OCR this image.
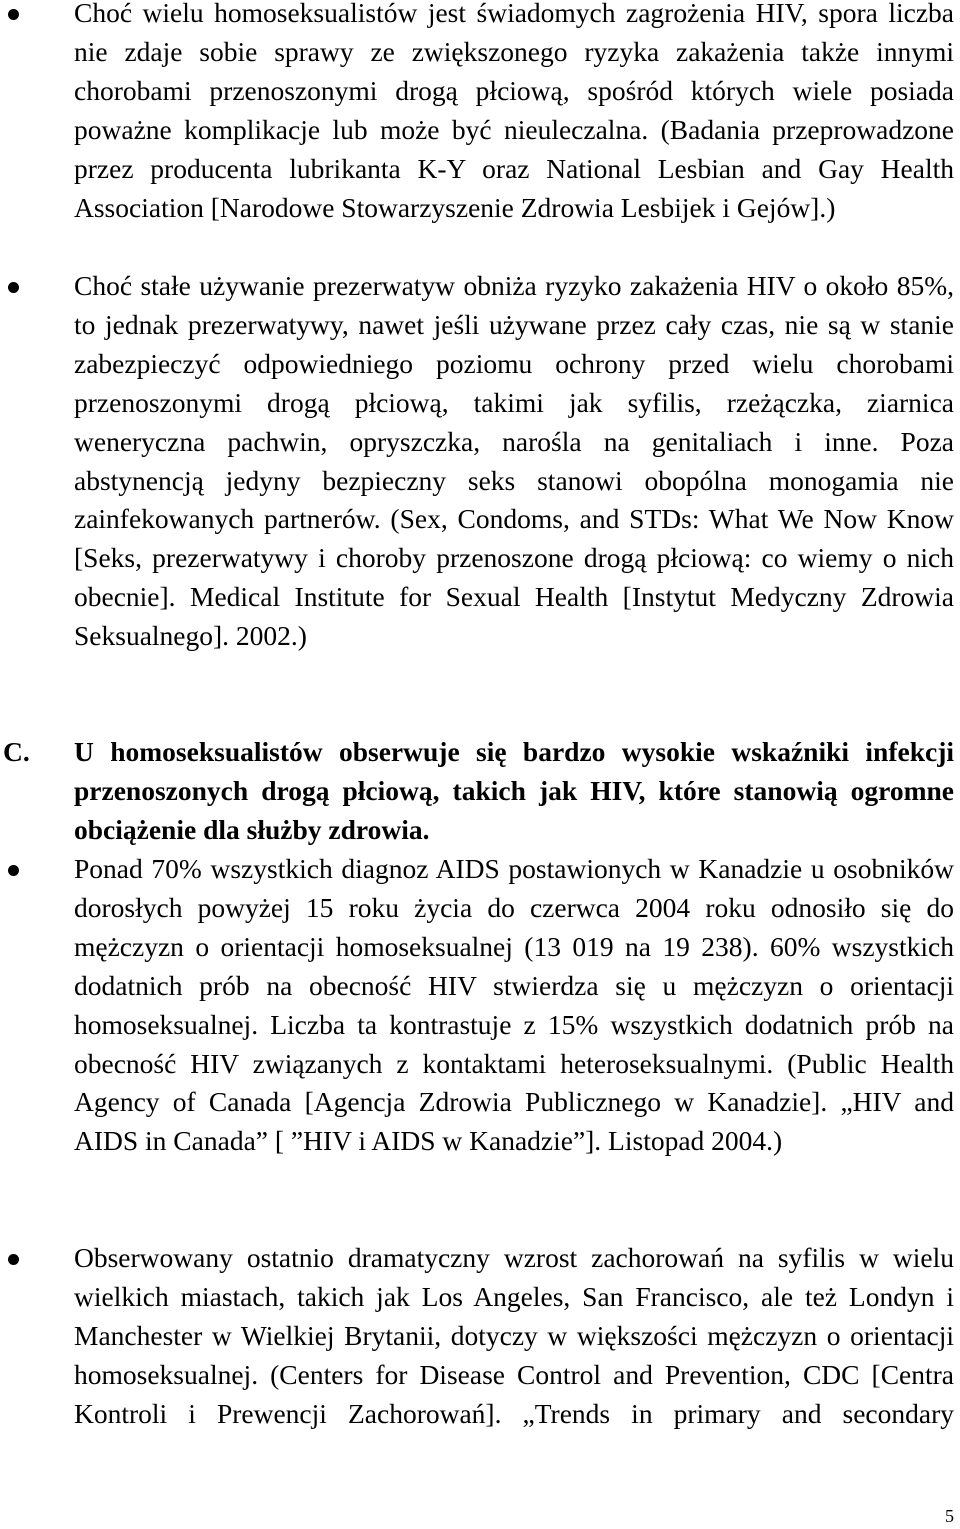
Choć wielu homoseksualistów jest świadomych zagrożenia HIV, spora liczba nie zdaje sobie sprawy ze zwiększonego ryzyka zakażenia także innymi chorobami przenoszonymi drogą płciową, spośród których wiele posiada poważne komplikacje lub może być nieuleczalna. (Badania przeprowadzone przez producenta lubrikanta K-Y oraz National Lesbian and Gay Health Association [Narodowe Stowarzyszenie Zdrowia Lesbijek i Gejów].)

Choć stałe używanie prezerwatyw obniża ryzyko zakażenia HIV o około 85%, to jednak prezerwatywy, nawet jeśli używane przez cały czas, nie są w stanie zabezpieczyć odpowiedniego poziomu ochrony przed wielu chorobami przenoszonymi drogą płciową, takimi jak syfilis, rzeżączka, ziarnica weneryczna pachwin, opryszczka, narośla na genitaliach i inne. Poza abstynencją jedyny bezpieczny seks stanowi obopólna monogamia nie zainfekowanych partnerów. (Sex, Condoms, and STDs: What We Now Know [Seks, prezerwatywy i choroby przenoszone drogą płciową: co wiemy o nich obecnie]. Medical Institute for Sexual Health [Instytut Medyczny Zdrowia Seksualnego]. 2002.)

C. U homoseksualistów obserwuje się bardzo wysokie wskaźniki infekcji przenoszonych drogą płciową, takich jak HIV, które stanowią ogromne obciążenie dla służby zdrowia.

Ponad 70% wszystkich diagnoz AIDS postawionych w Kanadzie u osobników dorosłych powyżej 15 roku życia do czerwca 2004 roku odnosiło się do mężczyzn o orientacji homoseksualnej (13 019 na 19 238). 60% wszystkich dodatnich prób na obecność HIV stwierdza się u mężczyzn o orientacji homoseksualnej. Liczba ta kontrastuje z 15% wszystkich dodatnich prób na obecność HIV związanych z kontaktami heteroseksualnymi. (Public Health Agency of Canada [Agencja Zdrowia Publicznego w Kanadzie]. „HIV and AIDS in Canada” [ ”HIV i AIDS w Kanadzie”]. Listopad 2004.)

Obserwowany ostatnio dramatyczny wzrost zachorowań na syfilis w wielu wielkich miastach, takich jak Los Angeles, San Francisco, ale też Londyn i Manchester w Wielkiej Brytanii, dotyczy w większości mężczyzn o orientacji homoseksualnej. (Centers for Disease Control and Prevention, CDC [Centra Kontroli i Prewencji Zachorowań]. „Trends in primary and secondary

5
